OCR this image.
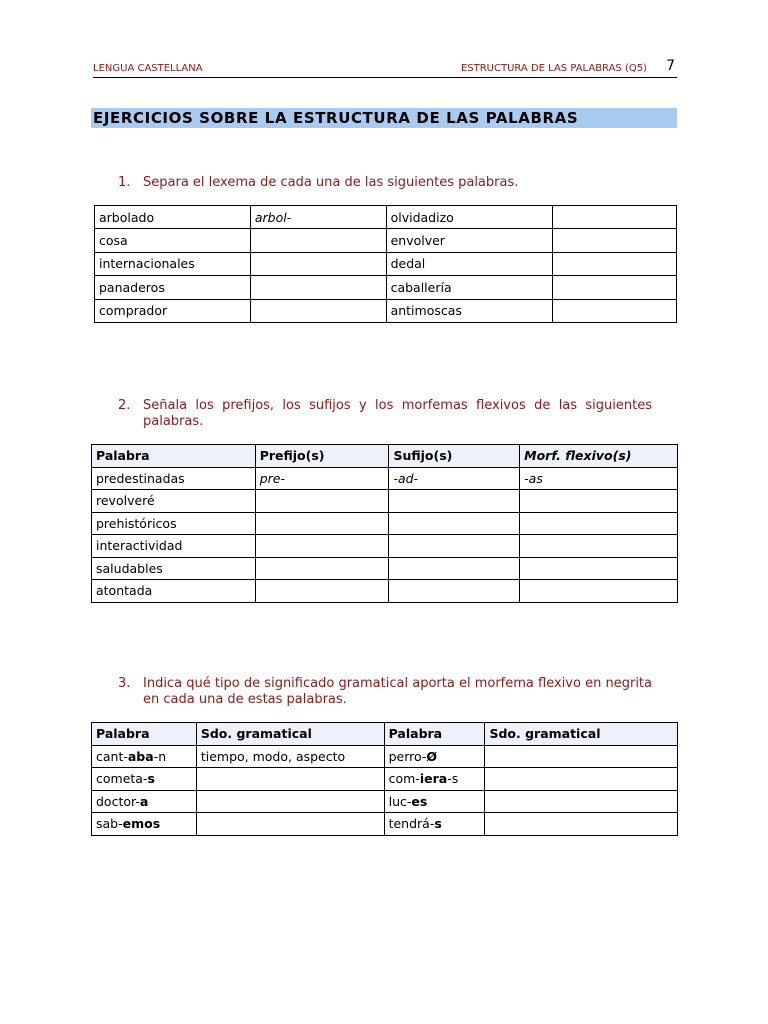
LENGUA CASTELLANA	ESTRUCTURA DE LAS PALABRAS (Q5) 7
EJERCICIOS SOBRE LA ESTRUCTURA DE LAS PALABRAS
1. Separa el lexema de cada una de las siguientes palabras.
arbolado	arbol-	olvidadizo	
cosa		envolver	
internacionales		dedal	
panaderos		caballería	
comprador		antimoscas	
2. Señala los prefijos, los sufijos y los morfemas flexivos de las siguientes palabras.
Palabra	Prefijo(s)	Sufijo(s)	Morf. flexivo(s)
predestinadas	pre-	-ad-	-as
revolveré			
prehistóricos			
interactividad			
saludables			
atontada			
3. Indica qué tipo de significado gramatical aporta el morfema flexivo en negrita en cada una de estas palabras.
Palabra	Sdo. gramatical	Palabra	Sdo. gramatical
cant-aba-n	tiempo, modo, aspecto	perro-Ø	
cometa-s		com-iera-s	
doctor-a		luc-es	
sab-emos		tendrá-s	
